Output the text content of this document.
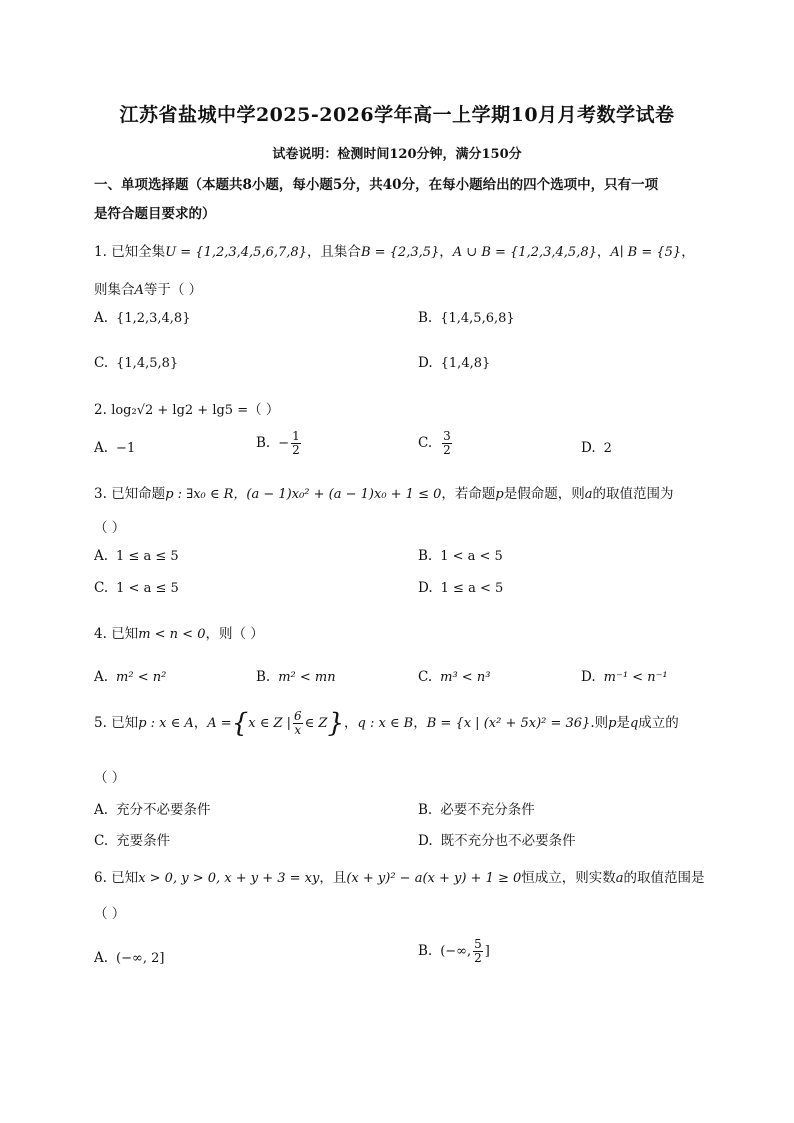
江苏省盐城中学2025-2026学年高一上学期10月月考数学试卷
试卷说明：检测时间120分钟，满分150分
一、单项选择题（本题共8小题，每小题5分，共40分，在每小题给出的四个选项中，只有一项
是符合题目要求的）
1. 已知全集U = {1,2,3,4,5,6,7,8}，且集合B = {2,3,5}，A ∪ B = {1,2,3,4,5,8}，A∣ B = {5}，
则集合A等于（ ）
A. {1,2,3,4,8}	B. {1,4,5,6,8}
C. {1,4,5,8}	D. {1,4,8}
2. log₂√2 + lg2 + lg5 =（ ）
A. −1	B. − $\frac{1}{2}$	C. $\frac{3}{2}$	D. 2
3. 已知命题p : ∃x₀ ∈ R，(a − 1)x₀² + (a − 1)x₀ + 1 ≤ 0，若命题p是假命题，则a的取值范围为
（ ）
A. 1 ≤ a ≤ 5	B. 1 < a < 5
C. 1 < a ≤ 5	D. 1 ≤ a < 5
4. 已知m < n < 0，则（ ）
A. m² < n²	B. m² < mn	C. m³ < n³	D. m⁻¹ < n⁻¹
5. 已知p : x ∈ A，A ={x ∈ Z | $\frac{6}{x}$ ∈ Z}，q : x ∈ B，B = {x | (x² + 5x)² = 36}.则p是q成立的
（ ）
A. 充分不必要条件	B. 必要不充分条件
C. 充要条件	D. 既不充分也不必要条件
6. 已知x > 0, y > 0, x + y + 3 = xy，且(x + y)² − a(x + y) + 1 ≥ 0恒成立，则实数a的取值范围是
（ ）
A. (−∞, 2]	B. (−∞, $\frac{5}{2}$ ]
